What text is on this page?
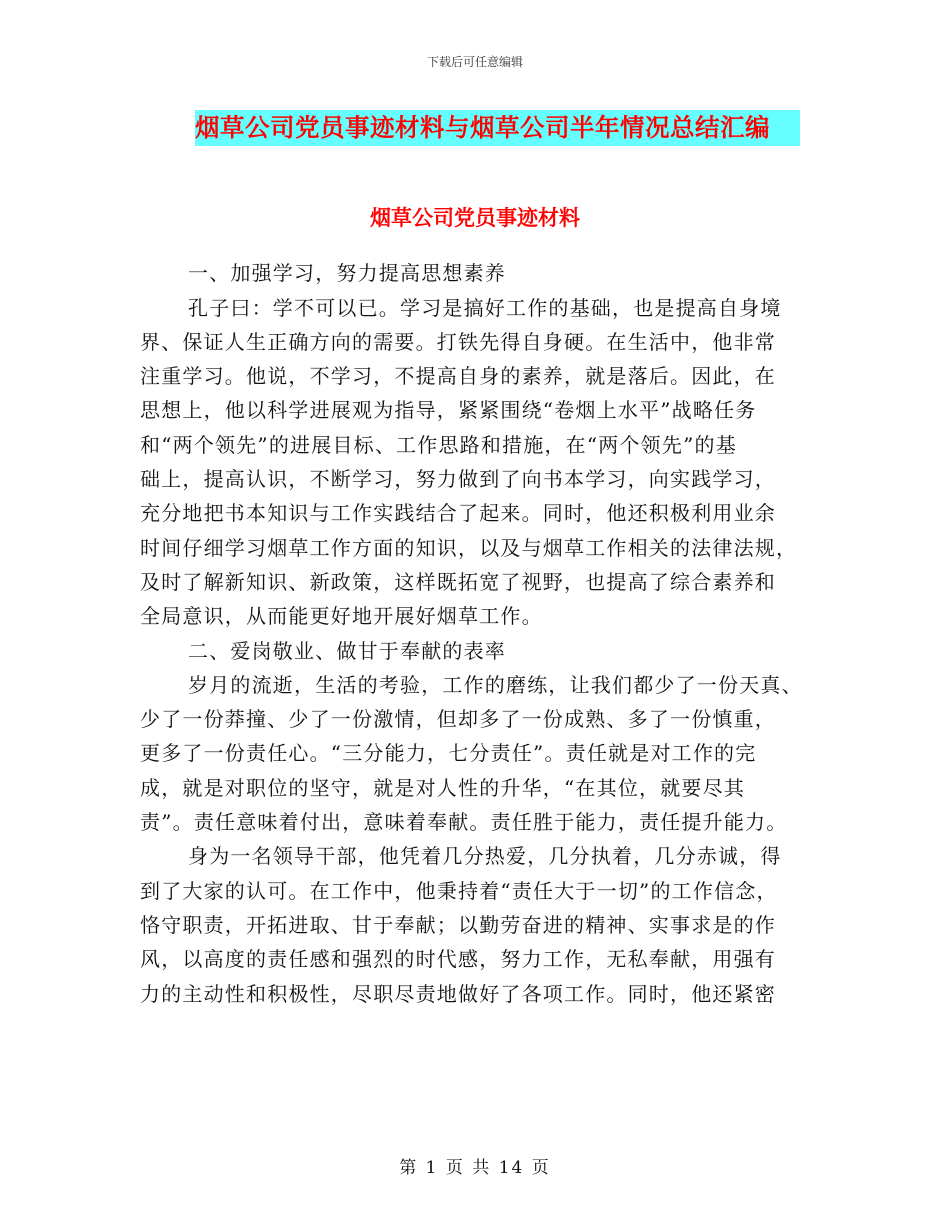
下载后可任意编辑
烟草公司党员事迹材料与烟草公司半年情况总结汇编
烟草公司党员事迹材料
一、加强学习，努力提高思想素养
孔子曰：学不可以已。学习是搞好工作的基础，也是提高自身境
界、保证人生正确方向的需要。打铁先得自身硬。在生活中，他非常
注重学习。他说，不学习，不提高自身的素养，就是落后。因此，在
思想上，他以科学进展观为指导，紧紧围绕“卷烟上水平”战略任务
和“两个领先”的进展目标、工作思路和措施，在“两个领先”的基
础上，提高认识，不断学习，努力做到了向书本学习，向实践学习，
充分地把书本知识与工作实践结合了起来。同时，他还积极利用业余
时间仔细学习烟草工作方面的知识，以及与烟草工作相关的法律法规，
及时了解新知识、新政策，这样既拓宽了视野，也提高了综合素养和
全局意识，从而能更好地开展好烟草工作。
二、爱岗敬业、做甘于奉献的表率
岁月的流逝，生活的考验，工作的磨练，让我们都少了一份天真、
少了一份莽撞、少了一份激情，但却多了一份成熟、多了一份慎重，
更多了一份责任心。“三分能力，七分责任”。责任就是对工作的完
成，就是对职位的坚守，就是对人性的升华，“在其位，就要尽其
责”。责任意味着付出，意味着奉献。责任胜于能力，责任提升能力。
身为一名领导干部，他凭着几分热爱，几分执着，几分赤诚，得
到了大家的认可。在工作中，他秉持着“责任大于一切”的工作信念，
恪守职责，开拓进取、甘于奉献；以勤劳奋进的精神、实事求是的作
风，以高度的责任感和强烈的时代感，努力工作，无私奉献，用强有
力的主动性和积极性，尽职尽责地做好了各项工作。同时，他还紧密
第 1 页 共 14 页
